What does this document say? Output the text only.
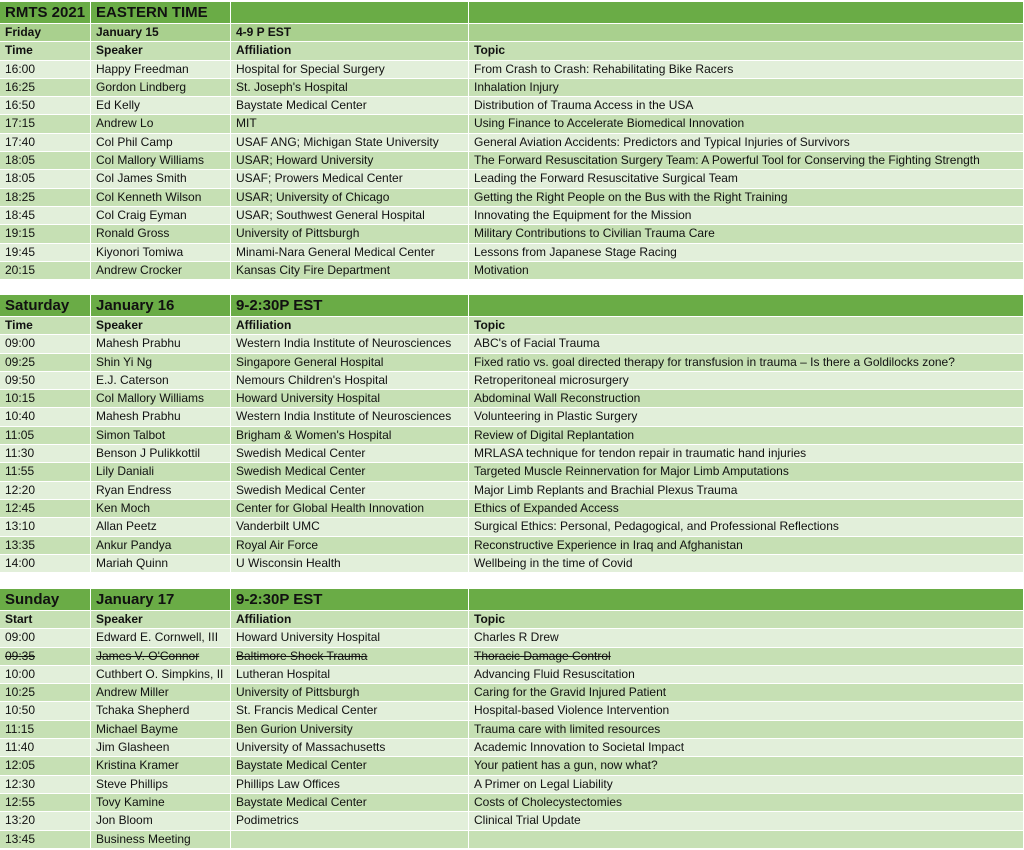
RMTS 2021 EASTERN TIME
Friday	January 15	4-9 P EST
Time	Speaker	Affiliation	Topic
16:00	Happy Freedman	Hospital for Special Surgery	From Crash to Crash: Rehabilitating Bike Racers
16:25	Gordon Lindberg	St. Joseph's Hospital	Inhalation Injury
16:50	Ed Kelly	Baystate Medical Center	Distribution of Trauma Access in the USA
17:15	Andrew Lo	MIT	Using Finance to Accelerate Biomedical Innovation
17:40	Col Phil Camp	USAF ANG; Michigan State University	General Aviation Accidents: Predictors and Typical Injuries of Survivors
18:05	Col Mallory Williams	USAR; Howard University	The Forward Resuscitation Surgery Team: A Powerful Tool for Conserving the Fighting Strength
18:05	Col James Smith	USAF; Prowers Medical Center	Leading the Forward Resuscitative Surgical Team
18:25	Col Kenneth Wilson	USAR; University of Chicago	Getting the Right People on the Bus with the Right Training
18:45	Col Craig Eyman	USAR; Southwest General Hospital	Innovating the Equipment for the Mission
19:15	Ronald Gross	University of Pittsburgh	Military Contributions to Civilian Trauma Care
19:45	Kiyonori Tomiwa	Minami-Nara General Medical Center	Lessons from Japanese Stage Racing
20:15	Andrew Crocker	Kansas City Fire Department	Motivation
Saturday	January 16	9-2:30P EST
Time	Speaker	Affiliation	Topic
09:00	Mahesh Prabhu	Western India Institute of Neurosciences	ABC's of Facial Trauma
09:25	Shin Yi Ng	Singapore General Hospital	Fixed ratio vs. goal directed therapy for transfusion in trauma – Is there a Goldilocks zone?
09:50	E.J. Caterson	Nemours Children's Hospital	Retroperitoneal microsurgery
10:15	Col Mallory Williams	Howard University Hospital	Abdominal Wall Reconstruction
10:40	Mahesh Prabhu	Western India Institute of Neurosciences	Volunteering in Plastic Surgery
11:05	Simon Talbot	Brigham & Women's Hospital	Review of Digital Replantation
11:30	Benson J Pulikkottil	Swedish Medical Center	MRLASA technique for tendon repair in traumatic hand injuries
11:55	Lily Daniali	Swedish Medical Center	Targeted Muscle Reinnervation for Major Limb Amputations
12:20	Ryan Endress	Swedish Medical Center	Major Limb Replants and Brachial Plexus Trauma
12:45	Ken Moch	Center for Global Health Innovation	Ethics of Expanded Access
13:10	Allan Peetz	Vanderbilt UMC	Surgical Ethics: Personal, Pedagogical, and Professional Reflections
13:35	Ankur Pandya	Royal Air Force	Reconstructive Experience in Iraq and Afghanistan
14:00	Mariah Quinn	U Wisconsin Health	Wellbeing in the time of Covid
Sunday	January 17	9-2:30P EST
Start	Speaker	Affiliation	Topic
09:00	Edward E. Cornwell, III	Howard University Hospital	Charles R Drew
09:35	James V. O'Connor	Baltimore Shock Trauma	Thoracic Damage Control
10:00	Cuthbert O. Simpkins, II	Lutheran Hospital	Advancing Fluid Resuscitation
10:25	Andrew Miller	University of Pittsburgh	Caring for the Gravid Injured Patient
10:50	Tchaka Shepherd	St. Francis Medical Center	Hospital-based Violence Intervention
11:15	Michael Bayme	Ben Gurion University	Trauma care with limited resources
11:40	Jim Glasheen	University of Massachusetts	Academic Innovation to Societal Impact
12:05	Kristina Kramer	Baystate Medical Center	Your patient has a gun, now what?
12:30	Steve Phillips	Phillips Law Offices	A Primer on Legal Liability
12:55	Tovy Kamine	Baystate Medical Center	Costs of Cholecystectomies
13:20	Jon Bloom	Podimetrics	Clinical Trial Update
13:45	Business Meeting
